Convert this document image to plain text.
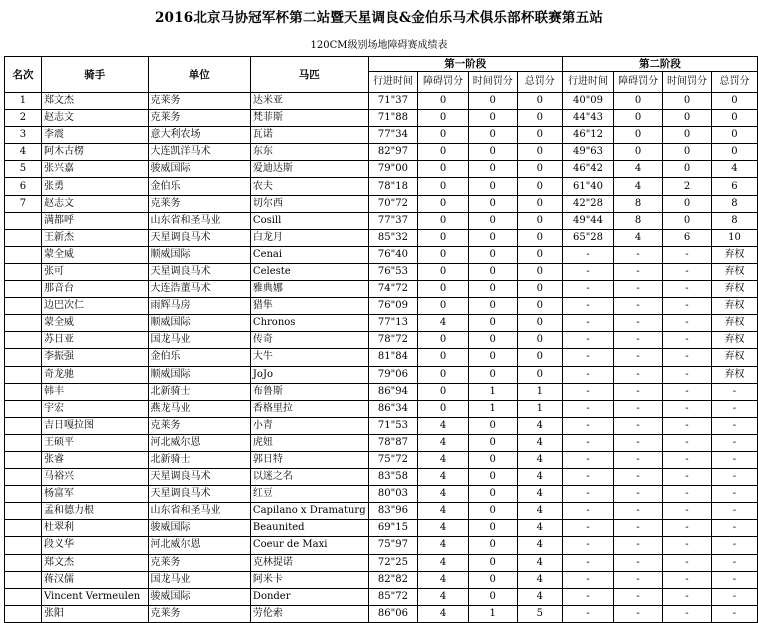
2016北京马协冠军杯第二站暨天星调良&金伯乐马术俱乐部杯联赛第五站
120CM级别场地障碍赛成绩表
名次	骑手	单位	马匹	第一阶段				第二阶段			
				行进时间	障碍罚分	时间罚分	总罚分	行进时间	障碍罚分	时间罚分	总罚分
1	郑文杰	克莱务	达米亚	71"37	0	0	0	40"09	0	0	0
2	赵志文	克莱务	梵菲斯	71"88	0	0	0	44"43	0	0	0
3	李震	意大利农场	瓦诺	77"34	0	0	0	46"12	0	0	0
4	阿木古楞	大连凯洋马术	东东	82"97	0	0	0	49"63	0	0	0
5	张兴嘉	骏威国际	爱迪达斯	79"00	0	0	0	46"42	4	0	4
6	张勇	金伯乐	农夫	78"18	0	0	0	61"40	4	2	6
7	赵志文	克莱务	切尔西	70"72	0	0	0	42"28	8	0	8
	满都呼	山东省和圣马业	Cosill	77"37	0	0	0	49"44	8	0	8
	王新杰	天星调良马术	白龙月	85"32	0	0	0	65"28	4	6	10
	蒙全威	顺威国际	Cenai	76"40	0	0	0	-	-	-	弃权
	张可	天星调良马术	Celeste	76"53	0	0	0	-	-	-	弃权
	那音台	大连浩董马术	雅典娜	74"72	0	0	0	-	-	-	弃权
	边巴次仁	雨辉马房	猎隼	76"09	0	0	0	-	-	-	弃权
	蒙全威	顺威国际	Chronos	77"13	4	0	0	-	-	-	弃权
	苏日亚	国龙马业	传奇	78"72	0	0	0	-	-	-	弃权
	李振强	金伯乐	大牛	81"84	0	0	0	-	-	-	弃权
	奇龙驰	顺威国际	JoJo	79"06	0	0	0	-	-	-	弃权
	韩丰	北新骑士	布鲁斯	86"94	0	1	1	-	-	-	-
	宇宏	燕龙马业	香格里拉	86"34	0	1	1	-	-	-	-
	吉日嘎拉图	克莱务	小青	71"53	4	0	4	-	-	-	-
	王硕平	河北威尔恩	虎妞	78"87	4	0	4	-	-	-	-
	张睿	北新骑士	郭日特	75"72	4	0	4	-	-	-	-
	马裕兴	天星调良马术	以迷之名	83"58	4	0	4	-	-	-	-
	杨富军	天星调良马术	红豆	80"03	4	0	4	-	-	-	-
	孟和德力根	山东省和圣马业	Capilano x Dramaturg	83"96	4	0	4	-	-	-	-
	杜翠利	骏威国际	Beaunited	69"15	4	0	4	-	-	-	-
	段义华	河北威尔恩	Coeur de Maxi	75"97	4	0	4	-	-	-	-
	郑文杰	克莱务	克林提诺	72"25	4	0	4	-	-	-	-
	蒋汉儒	国龙马业	阿米卡	82"82	4	0	4	-	-	-	-
	Vincent Vermeulen	骏威国际	Donder	85"72	4	0	4	-	-	-	-
	张阳	克莱务	劳伦索	86"06	4	1	5	-	-	-	-
